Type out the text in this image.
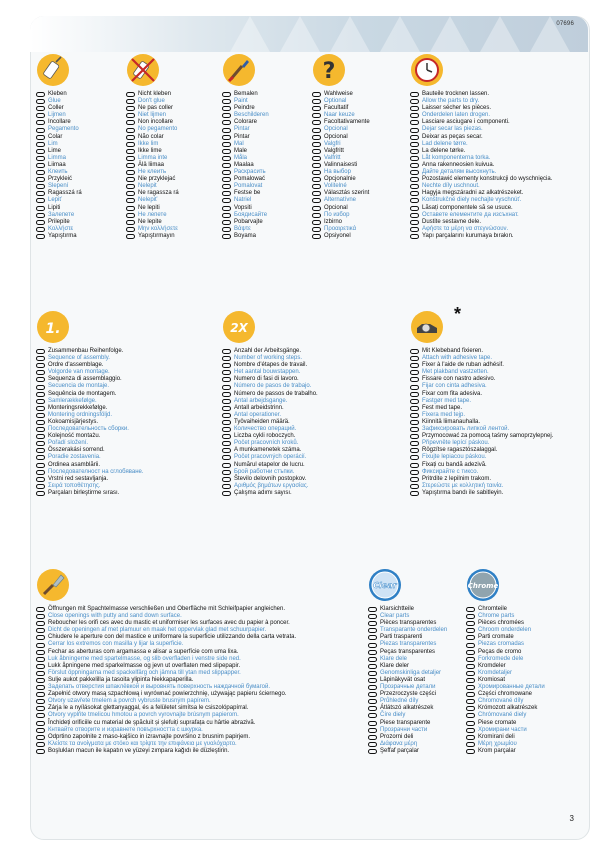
07696
Kleben
Glue
Coller
Lijmen
Incollare
Pegamento
Colar
Lim
Lime
Limma
Liimaa
Клеить
Przykleić
Slepení
Ragasszá rá
Lepiť
Lipiti
Залепете
Prilepite
Κολλήστε
Yapıştırma
Nicht kleben
Don't glue
Ne pas coller
Niet lijmen
Non incollare
No pegamento
Não colar
Ikke lim
Ikke lime
Limma inte
Älä liimaa
Не клеить
Nie przyklejać
Nelepit
Ne ragassza rá
Nelepiť
Ne lepiti
Не лепете
Ne lepite
Μην κολλήσετε
Yapıştırmayın
Bemalen
Paint
Peindre
Beschilderen
Colorare
Pintar
Pintar
Mal
Male
Måla
Maalaa
Раскрасить
Pomalować
Pomalovat
Festse be
Natriel
Vopsiti
Боядисайте
Pobarvajte
Βάψτε
Boyama
?
Wahlweise
Optional
Facultatif
Naar keuze
Facoltativamente
Opcional
Opcional
Valgfri
Valgfritt
Valfritt
Valinnaisesti
На выбор
Opcjonalnie
Volitelné
Választás szerint
Alternatívne
Opcional
По избор
Izbirno
Προαιρετικά
Opsiyonel
Bauteile trocknen lassen.
Allow the parts to dry.
Laisser sécher les pièces.
Onderdelen laten drogen.
Lasciare asciugare i componenti.
Dejar secar las piezas.
Deixar as peças secar.
Lad delene tørre.
La delene tørke.
Låt komponenterna torka.
Anna rakenneosien kuivua.
Дайте деталям высохнуть.
Pozostawić elementy konstrukcji do wyschnięcia.
Nechte díly uschnout.
Hagyja megszáradni az alkatrészeket.
Konštrukčné diely nechajte vyschnúť.
Lăsați componentele să se usuce.
Оставете елементите да изсъхнат.
Dustite sestavne dele.
Αφήστε τα μέρη να στεγνώσουν.
Yapı parçalarını kurumaya bırakın.
1.
Zusammenbau Reihenfolge.
Sequence of assembly.
Ordre d'assemblage.
Volgorde van montage.
Sequenza di assemblaggio.
Secuencia de montaje.
Sequência de montagem.
Samlerækkefølge.
Monteringsrekkefølge.
Montering ordningsföljd.
Kokoamisjärjestys.
Последовательность сборки.
Kolejność montażu.
Pořadí složení.
Összerakási sorrend.
Poradie zostavenia.
Ordinea asamblării.
Последователност на сглобяване.
Vrstni red sestavljanja.
Σειρά τοποθέτησης.
Parçaları birleştirme sırası.
2X
Anzahl der Arbeitsgänge.
Number of working steps.
Nombre d'étapes de travail.
Het aantal bouwstappen.
Numero di fasi di lavoro.
Número de pasos de trabajo.
Número de passos de trabalho.
Antal arbejdsgange.
Antall arbeidstrinn.
Antal operationer.
Työvaiheiden määrä.
Количество операций.
Liczba cykli roboczych.
Počet pracovních kroků.
A munkamenetek száma.
Počet pracovných operácií.
Numărul etapelor de lucru.
Брой работни стъпки.
Število delovnih postopkov.
Αριθμός βημάτων εργασίας.
Çalışma adımı sayısı.
*
Mit Klebeband fixieren.
Attach with adhesive tape.
Fixer à l'aide de ruban adhésif.
Met plakband vastzetten.
Fissare con nastro adesivo.
Fijar con cinta adhesiva.
Fixar com fita adesiva.
Fastgør med tape.
Fest med tape.
Fixera med tejp.
Kiinnitä liimanauhalla.
Зафиксировать липкой лентой.
Przymocować za pomocą taśmy samoprzylepnej.
Připevněte lepící páskou.
Rögzítse ragasztószalaggal.
Fixujte lepiacou páskou.
Fixați cu bandă adezivă.
Фиксирайте с тиксо.
Pritrdite z lepilnim trakom.
Στερεώστε με κολλητική ταινία.
Yapıştırma bandı ile sabitleyin.
Öffnungen mit Spachtelmasse verschließen und Oberfläche mit Schleifpapier angleichen.
Close openings with putty and sand down surface.
Reboucher les orifi ces avec du mastic et uniformiser les surfaces avec du papier à poncer.
Dicht de openingen af met plamuur en maak het oppervlak glad met schuurpapier.
Chiudere le aperture con del mastice e uniformare la superficie utilizzando della carta vetrata.
Cerrar los extremos con masilla y lijar la superficie.
Fechar as aberturas com argamassa e alisar a superfície com uma lixa.
Luk åbningerne med spartelmasse, og slib overfladen i venstre side ned.
Lukk åpningene med sparkelmasse og jevn ut overflaten med slipepapir.
Förslut öppningarna med spackelfärg och jämna till ytan med slippapper.
Sulje aukot pakkelilla ja tasoita ylipinta hiekkapaperilla.
Заделать отверстия шпаклёвкой и выровнять поверхность наждачной бумагой.
Zapełnić otwory masą szpachlową i wyrównać powierzchnię, używając papieru ściernego.
Otvory uzavřete tmelem a povrch vybruste brusným papírem.
Zárja le a nyílásokat glettanyaggal, és a felületet simítsa le csiszolópapírral.
Otvory vyplňte tmelicou hmotou a povrch vyrovnajte brúsnym papierom.
Închideți orificiile cu material de șpăcluit și șlefuiți suprafața cu hârtie abrazivă.
Кнтвайте отворите и изравнете повърхността с шкурка.
Odprtino zapolnite z maso-kajšico in izravnajte površino z brusnim papirjem.
Κλείστε τα ανοίγματα με στόκο και τρίψτε την επιφάνεια με γυαλόχαρτο.
Boşlukları macun ile kapatın ve yüzeyi zımpara kağıdı ile düzleştirin.
Clear
Klarsichtteile
Clear parts
Pièces transparentes
Transparante onderdelen
Parti trasparenti
Piezas transparentes
Peças transparentes
Klare dele
Klare deler
Genomskinliga detaljer
Läpinäkyvät osat
Прозрачные детали
Przezroczyste części
Průhledné díly
Átlátszó alkatrészek
Číre diely
Piese transparente
Прозрачни части
Prozorni deli
Διάφανα μέρη
Şeffaf parçalar
Chrome
Chromteile
Chrome parts
Pièces chromées
Chroom onderdelen
Parti cromate
Piezas cromadas
Peças de cromo
Forkromede dele
Kromdeler
Kromdetaljer
Kromiosat
Хромированные детали
Części chromowane
Chromované díly
Krómozott alkatrészek
Chrómované diely
Piese cromate
Хромирани части
Kromirani deli
Μέρη χρωμίου
Krom parçalar
3
